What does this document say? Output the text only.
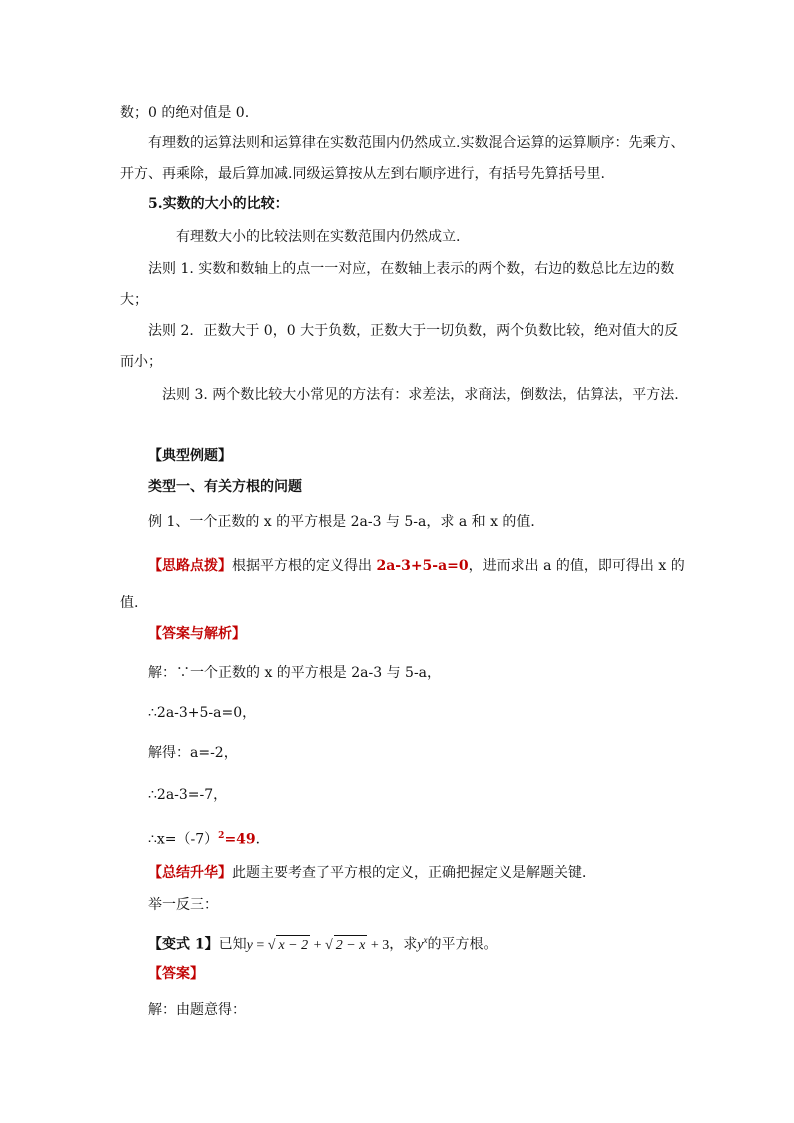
数；0 的绝对值是 0.
有理数的运算法则和运算律在实数范围内仍然成立.实数混合运算的运算顺序：先乘方、
开方、再乘除，最后算加减.同级运算按从左到右顺序进行，有括号先算括号里.
5.实数的大小的比较：
有理数大小的比较法则在实数范围内仍然成立.
法则 1. 实数和数轴上的点一一对应，在数轴上表示的两个数，右边的数总比左边的数
大；
法则 2．正数大于 0，0 大于负数，正数大于一切负数，两个负数比较，绝对值大的反
而小；
法则 3. 两个数比较大小常见的方法有：求差法，求商法，倒数法，估算法，平方法.
【典型例题】
类型一、有关方根的问题
例 1、一个正数的 x 的平方根是 2a-3 与 5-a，求 a 和 x 的值．
【思路点拨】根据平方根的定义得出 2a-3+5-a=0，进而求出 a 的值，即可得出 x 的
值.
【答案与解析】
解：∵一个正数的 x 的平方根是 2a-3 与 5-a，
∴2a-3+5-a=0，
解得：a=-2，
∴2a-3=-7，
$\therefore x=(-7)^2=49$．
【总结升华】此题主要考查了平方根的定义，正确把握定义是解题关键．
举一反三：
【变式 1】已知y = √ x − 2 + √ 2 − x + 3，求$y^x$的平方根。
【答案】
解：由题意得：
